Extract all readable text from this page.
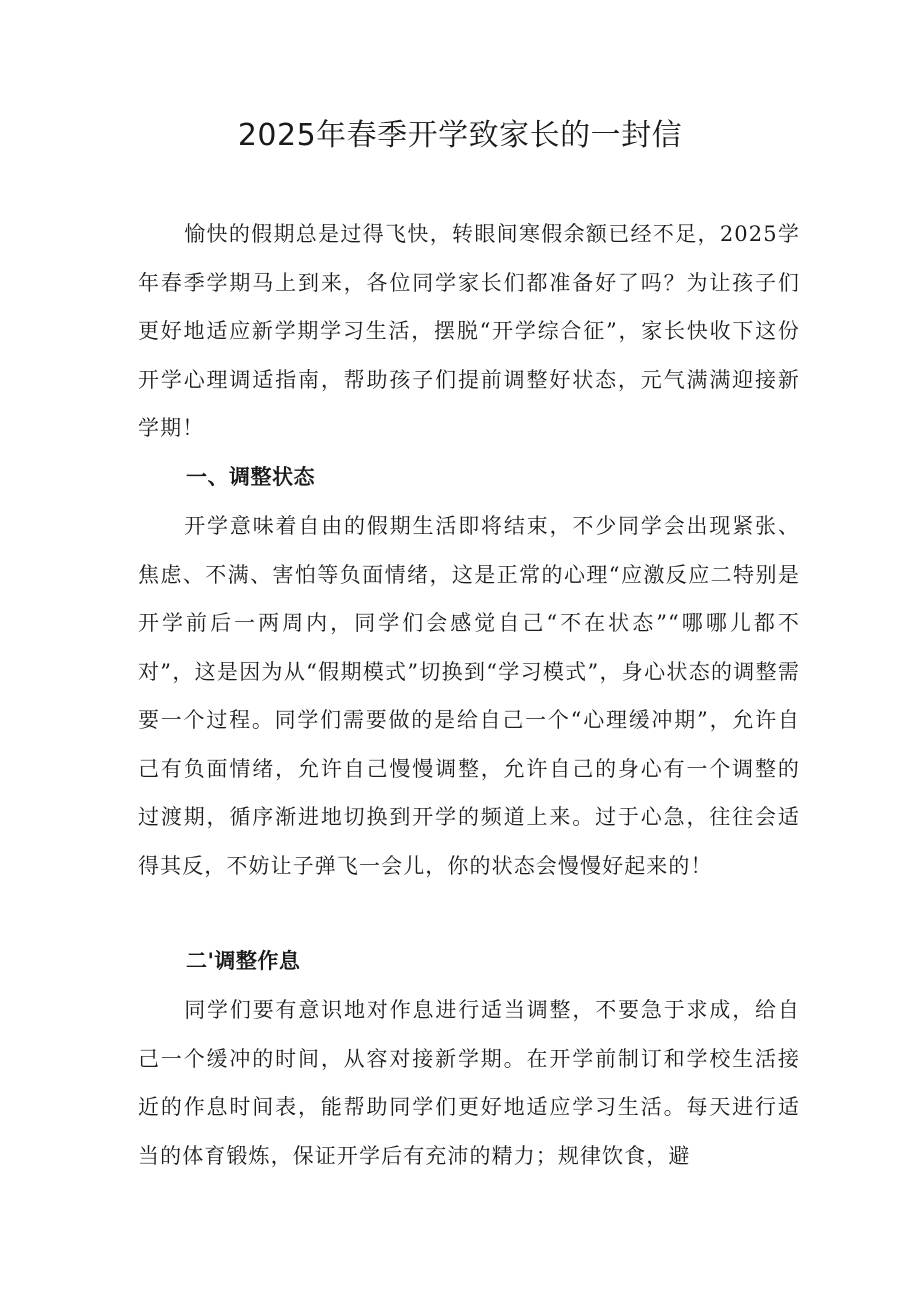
2025年春季开学致家长的一封信

愉快的假期总是过得飞快，转眼间寒假余额已经不足，2025学年春季学期马上到来，各位同学家长们都准备好了吗？为让孩子们更好地适应新学期学习生活，摆脱“开学综合征”，家长快收下这份开学心理调适指南，帮助孩子们提前调整好状态，元气满满迎接新学期！

一、调整状态

开学意味着自由的假期生活即将结束，不少同学会出现紧张、焦虑、不满、害怕等负面情绪，这是正常的心理“应激反应二特别是开学前后一两周内，同学们会感觉自己“不在状态”“哪哪儿都不对”，这是因为从“假期模式”切换到“学习模式”，身心状态的调整需要一个过程。同学们需要做的是给自己一个“心理缓冲期”，允许自己有负面情绪，允许自己慢慢调整，允许自己的身心有一个调整的过渡期，循序渐进地切换到开学的频道上来。过于心急，往往会适得其反，不妨让子弹飞一会儿，你的状态会慢慢好起来的！

二'调整作息

同学们要有意识地对作息进行适当调整，不要急于求成，给自己一个缓冲的时间，从容对接新学期。在开学前制订和学校生活接近的作息时间表，能帮助同学们更好地适应学习生活。每天进行适当的体育锻炼，保证开学后有充沛的精力；规律饮食，避
